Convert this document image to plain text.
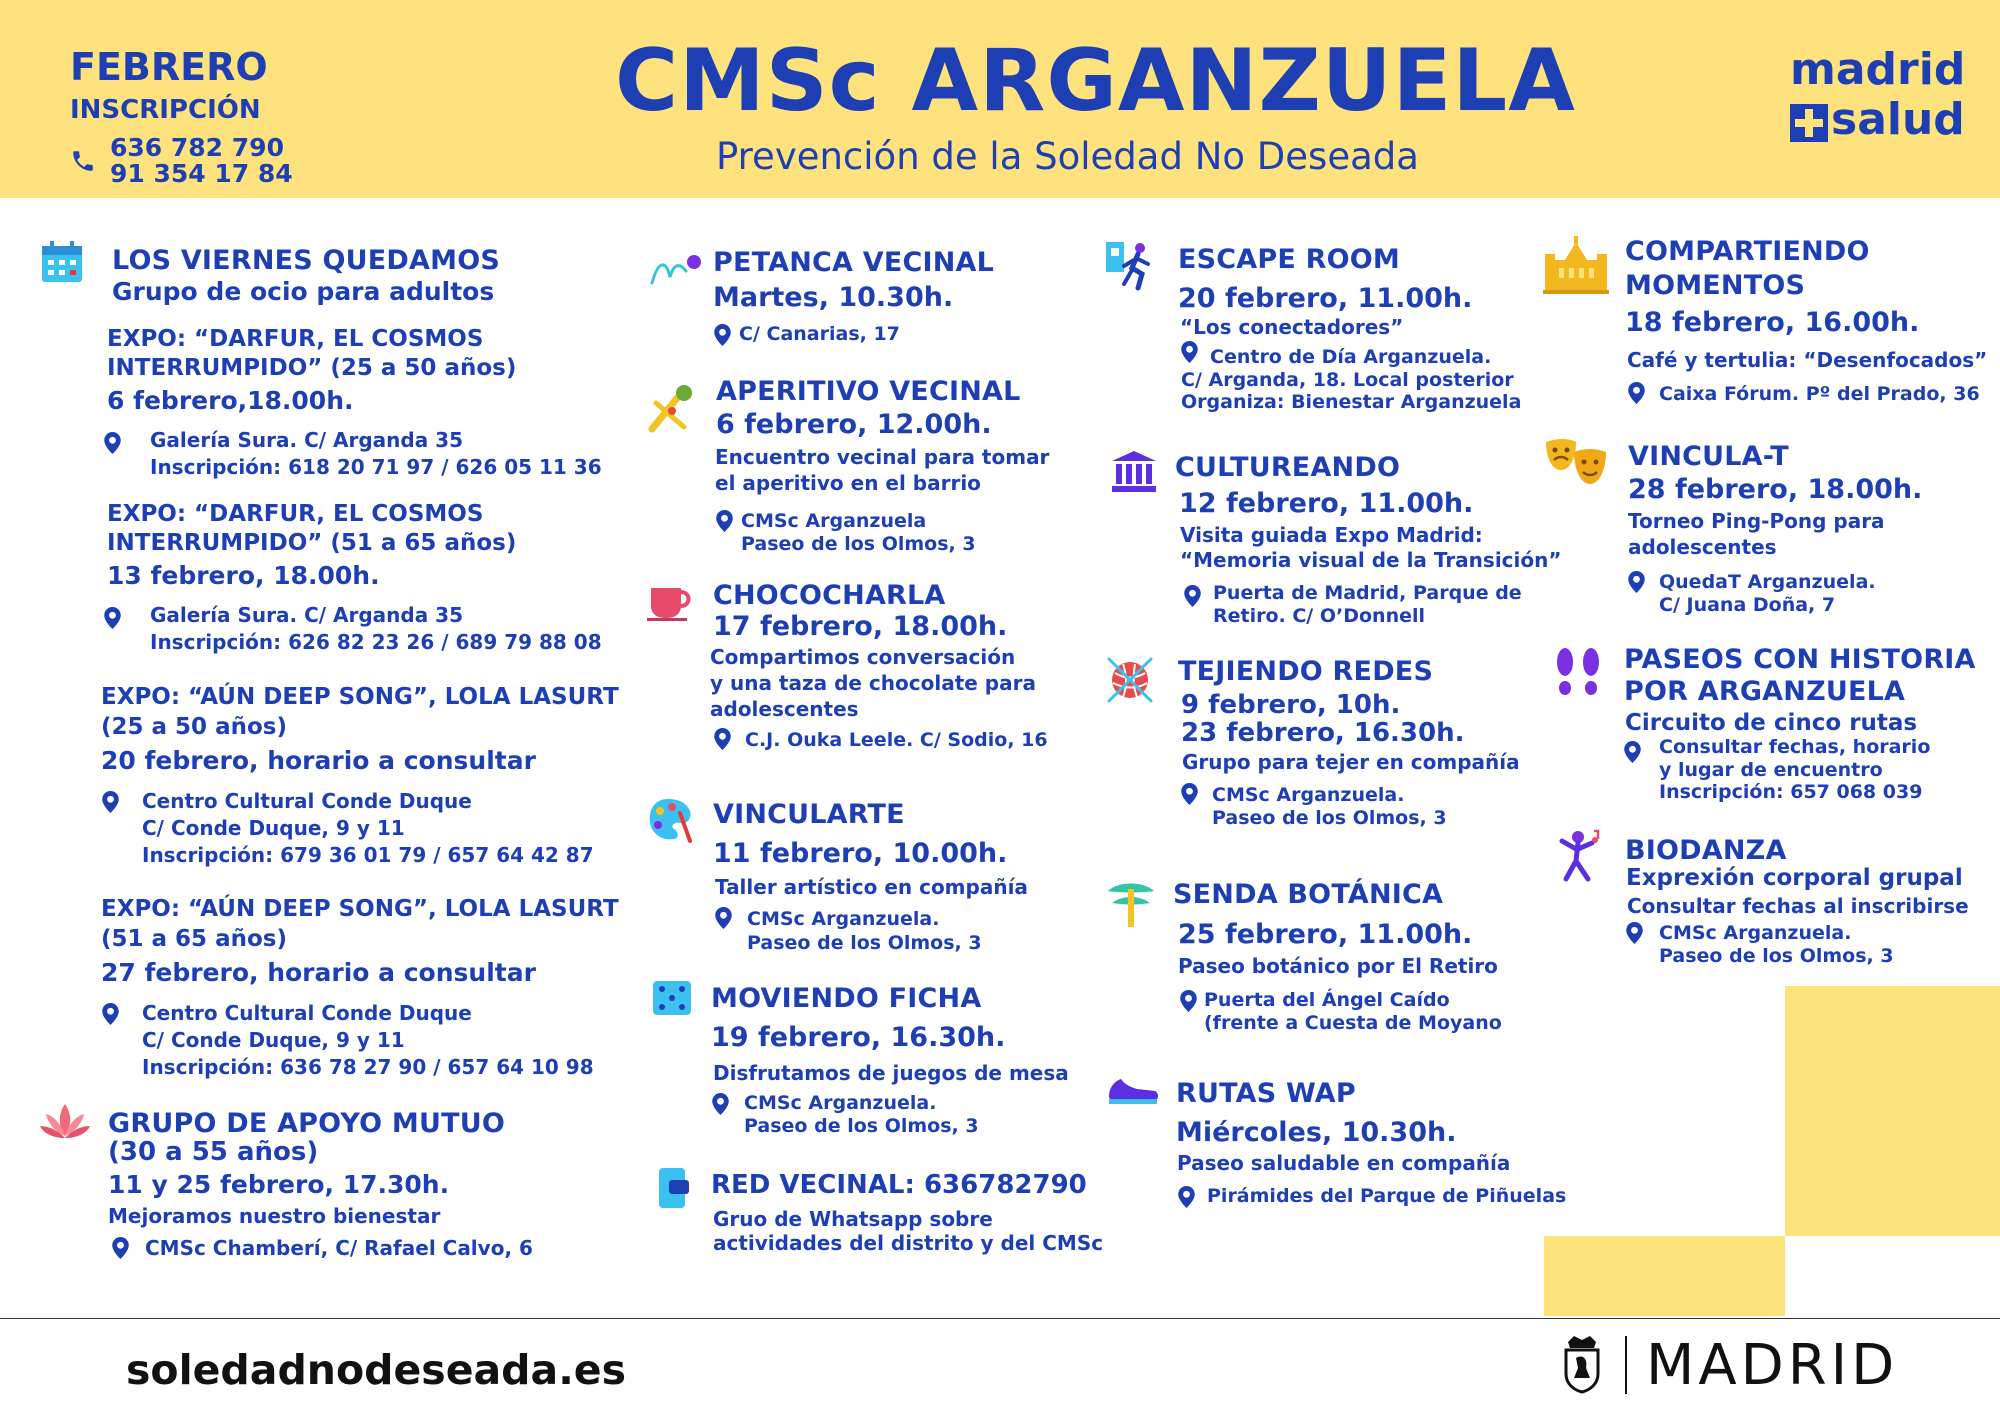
FEBRERO
INSCRIPCIÓN
636 782 790
91 354 17 84
CMSc ARGANZUELA
Prevención de la Soledad No Deseada
madrid
salud
LOS VIERNES QUEDAMOS
Grupo de ocio para adultos
EXPO: “DARFUR, EL COSMOS
INTERRUMPIDO” (25 a 50 años)
6 febrero,18.00h.
Galería Sura. C/ Arganda 35
Inscripción: 618 20 71 97 / 626 05 11 36
EXPO: “DARFUR, EL COSMOS
INTERRUMPIDO” (51 a 65 años)
13 febrero, 18.00h.
Galería Sura. C/ Arganda 35
Inscripción: 626 82 23 26 / 689 79 88 08
EXPO: “AÚN DEEP SONG”, LOLA LASURT
(25 a 50 años)
20 febrero, horario a consultar
Centro Cultural Conde Duque
C/ Conde Duque, 9 y 11
Inscripción: 679 36 01 79 / 657 64 42 87
EXPO: “AÚN DEEP SONG”, LOLA LASURT
(51 a 65 años)
27 febrero, horario a consultar
Centro Cultural Conde Duque
C/ Conde Duque, 9 y 11
Inscripción: 636 78 27 90 / 657 64 10 98
GRUPO DE APOYO MUTUO
(30 a 55 años)
11 y 25 febrero, 17.30h.
Mejoramos nuestro bienestar
CMSc Chamberí, C/ Rafael Calvo, 6
PETANCA VECINAL
Martes, 10.30h.
C/ Canarias, 17
APERITIVO VECINAL
6 febrero, 12.00h.
Encuentro vecinal para tomar
el aperitivo en el barrio
CMSc Arganzuela
Paseo de los Olmos, 3
CHOCOCHARLA
17 febrero, 18.00h.
Compartimos conversación
y una taza de chocolate para
adolescentes
C.J. Ouka Leele. C/ Sodio, 16
VINCULARTE
11 febrero, 10.00h.
Taller artístico en compañía
CMSc Arganzuela.
Paseo de los Olmos, 3
MOVIENDO FICHA
19 febrero, 16.30h.
Disfrutamos de juegos de mesa
CMSc Arganzuela.
Paseo de los Olmos, 3
RED VECINAL: 636782790
Gruo de Whatsapp sobre
actividades del distrito y del CMSc
ESCAPE ROOM
20 febrero, 11.00h.
“Los conectadores”
Centro de Día Arganzuela.
C/ Arganda, 18. Local posterior
Organiza: Bienestar Arganzuela
CULTUREANDO
12 febrero, 11.00h.
Visita guiada Expo Madrid:
“Memoria visual de la Transición”
Puerta de Madrid, Parque de
Retiro. C/ O’Donnell
TEJIENDO REDES
9 febrero, 10h.
23 febrero, 16.30h.
Grupo para tejer en compañía
CMSc Arganzuela.
Paseo de los Olmos, 3
SENDA BOTÁNICA
25 febrero, 11.00h.
Paseo botánico por El Retiro
Puerta del Ángel Caído
(frente a Cuesta de Moyano
RUTAS WAP
Miércoles, 10.30h.
Paseo saludable en compañía
Pirámides del Parque de Piñuelas
COMPARTIENDO
MOMENTOS
18 febrero, 16.00h.
Café y tertulia: “Desenfocados”
Caixa Fórum. Pº del Prado, 36
VINCULA-T
28 febrero, 18.00h.
Torneo Ping-Pong para
adolescentes
QuedaT Arganzuela.
C/ Juana Doña, 7
PASEOS CON HISTORIA
POR ARGANZUELA
Circuito de cinco rutas
Consultar fechas, horario
y lugar de encuentro
Inscripción: 657 068 039
BIODANZA
Exprexión corporal grupal
Consultar fechas al inscribirse
CMSc Arganzuela.
Paseo de los Olmos, 3
soledadnodeseada.es	MADRID
